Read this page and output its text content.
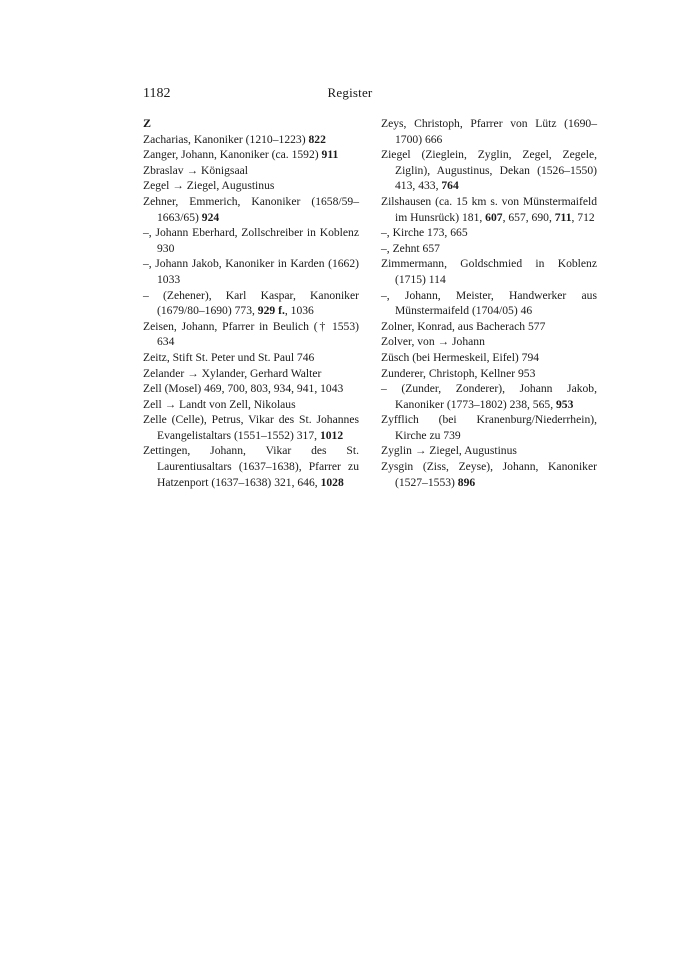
1182	Register
Z
Zacharias, Kanoniker (1210–1223) 822
Zanger, Johann, Kanoniker (ca. 1592) 911
Zbraslav → Königsaal
Zegel → Ziegel, Augustinus
Zehner, Emmerich, Kanoniker (1658/59–1663/65) 924
–, Johann Eberhard, Zollschreiber in Koblenz 930
–, Johann Jakob, Kanoniker in Karden (1662) 1033
– (Zehener), Karl Kaspar, Kanoniker (1679/80–1690) 773, 929 f., 1036
Zeisen, Johann, Pfarrer in Beulich († 1553) 634
Zeitz, Stift St. Peter und St. Paul 746
Zelander → Xylander, Gerhard Walter
Zell (Mosel) 469, 700, 803, 934, 941, 1043
Zell → Landt von Zell, Nikolaus
Zelle (Celle), Petrus, Vikar des St. Johannes Evangelistaltars (1551–1552) 317, 1012
Zettingen, Johann, Vikar des St. Laurentiusaltars (1637–1638), Pfarrer zu Hatzenport (1637–1638) 321, 646, 1028
Zeys, Christoph, Pfarrer von Lütz (1690–1700) 666
Ziegel (Zieglein, Zyglin, Zegel, Zegele, Ziglin), Augustinus, Dekan (1526–1550) 413, 433, 764
Zilshausen (ca. 15 km s. von Münstermaifeld im Hunsrück) 181, 607, 657, 690, 711, 712
–, Kirche 173, 665
–, Zehnt 657
Zimmermann, Goldschmied in Koblenz (1715) 114
–, Johann, Meister, Handwerker aus Münstermaifeld (1704/05) 46
Zolner, Konrad, aus Bacherach 577
Zolver, von → Johann
Züsch (bei Hermeskeil, Eifel) 794
Zunderer, Christoph, Kellner 953
– (Zunder, Zonderer), Johann Jakob, Kanoniker (1773–1802) 238, 565, 953
Zyfflich (bei Kranenburg/Niederrhein), Kirche zu 739
Zyglin → Ziegel, Augustinus
Zysgin (Ziss, Zeyse), Johann, Kanoniker (1527–1553) 896
